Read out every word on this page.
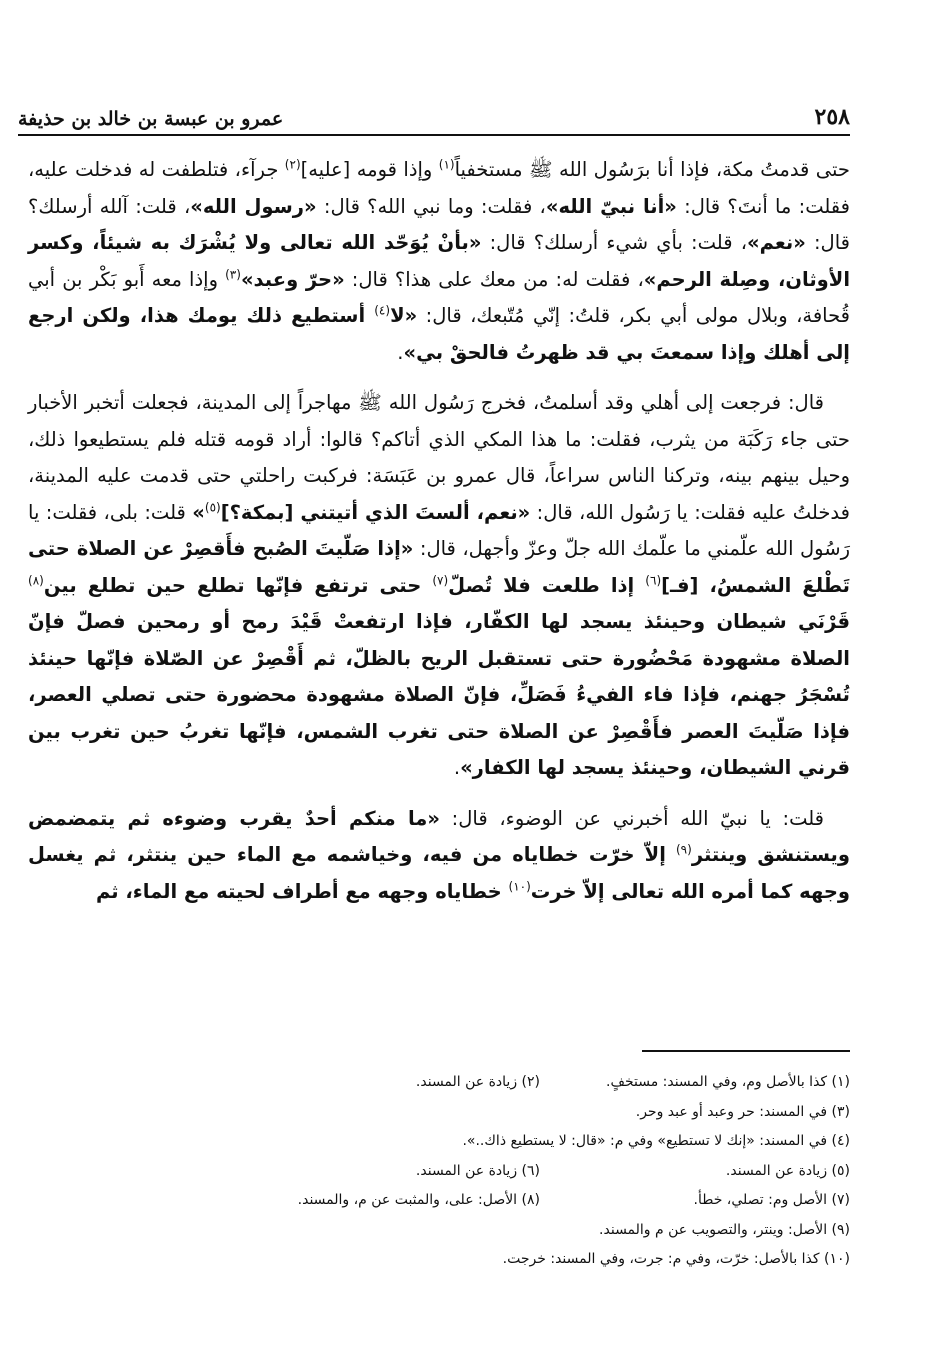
٢٥٨
عمرو بن عبسة بن خالد بن حذيفة

حتى قدمتُ مكة، فإذا أنا برَسُول الله ﷺ مستخفياً$^{(١)}$ وإذا قومه [عليه]$^{(٢)}$ جرآء، فتلطفت له فدخلت عليه، فقلت: ما أنتَ؟ قال: «أنا نبيّ الله»، فقلت: وما نبي الله؟ قال: «رسول الله»، قلت: آلله أرسلك؟ قال: «نعم»، قلت: بأي شيء أرسلك؟ قال: «بأنْ يُوَحّد الله تعالى ولا يُشْرَك به شيئاً، وكسر الأوثان، وصِلة الرحم»، فقلت له: من معك على هذا؟ قال: «حرّ وعبد»$^{(٣)}$ وإذا معه أَبو بَكْر بن أبي قُحافة، وبلال مولى أبي بكر، قلتُ: إنّي مُتّبعك، قال: «لا$^{(٤)}$ أستطيع ذلك يومك هذا، ولكن ارجع إلى أهلك وإذا سمعتَ بي قد ظهرتُ فالحقْ بي».

قال: فرجعت إلى أهلي وقد أسلمتُ، فخرج رَسُول الله ﷺ مهاجراً إلى المدينة، فجعلت أتخبر الأخبار حتى جاء رَكَبَة من يثرب، فقلت: ما هذا المكي الذي أتاكم؟ قالوا: أراد قومه قتله فلم يستطيعوا ذلك، وحيل بينهم بينه، وتركنا الناس سراعاً، قال عمرو بن عَبَسَة: فركبت راحلتي حتى قدمت عليه المدينة، فدخلتُ عليه فقلت: يا رَسُول الله، قال: «نعم، ألستَ الذي أتيتني [بمكة؟]$^{(٥)}$» قلت: بلى، فقلت: يا رَسُول الله علّمني ما علّمك الله جلّ وعزّ وأجهل، قال: «إذا صَلّيتَ الصُبح فأَقصِرْ عن الصلاة حتى تَطْلعَ الشمسُ، [فـ]$^{(٦)}$ إذا طلعت فلا تُصلّ$^{(٧)}$ حتى ترتفع فإنّها تطلع حين تطلع بين$^{(٨)}$ قَرْنَي شيطان وحينئذ يسجد لها الكفّار، فإذا ارتفعتْ قَيْدَ رمح أو رمحين فصلّ فإنّ الصلاة مشهودة مَحْضُورة حتى تستقبل الريح بالظلّ، ثم أَقْصِرْ عن الصّلاة فإنّها حينئذ تُسْجَرُ جهنم، فإذا فاء الفيءُ فَصَلِّ، فإنّ الصلاة مشهودة محضورة حتى تصلي العصر، فإذا صَلّيتَ العصر فأَقْصِرْ عن الصلاة حتى تغرب الشمس، فإنّها تغربُ حين تغرب بين قرني الشيطان، وحينئذ يسجد لها الكفار».

قلت: يا نبيّ الله أخبرني عن الوضوء، قال: «ما منكم أحدٌ يقرب وضوءه ثم يتمضمض ويستنشق وينتثر$^{(٩)}$ إلاّ خرّت خطاياه من فيه، وخياشمه مع الماء حين ينتثر، ثم يغسل وجهه كما أمره الله تعالى إلاّ خرت$^{(١٠)}$ خطاياه وجهه مع أطراف لحيته مع الماء، ثم

(١) كذا بالأصل وم، وفي المسند: مستخفٍ.
(٢) زيادة عن المسند.
(٣) في المسند: حر وعبد أو عبد وحر.
(٤) في المسند: «إنك لا تستطيع» وفي م: «قال: لا يستطيع ذاك..».
(٥) زيادة عن المسند.
(٦) زيادة عن المسند.
(٧) الأصل وم: تصلي، خطأ.
(٨) الأصل: على، والمثبت عن م، والمسند.
(٩) الأصل: وينتر، والتصويب عن م والمسند.
(١٠) كذا بالأصل: خرّت، وفي م: جرت، وفي المسند: خرجت.
